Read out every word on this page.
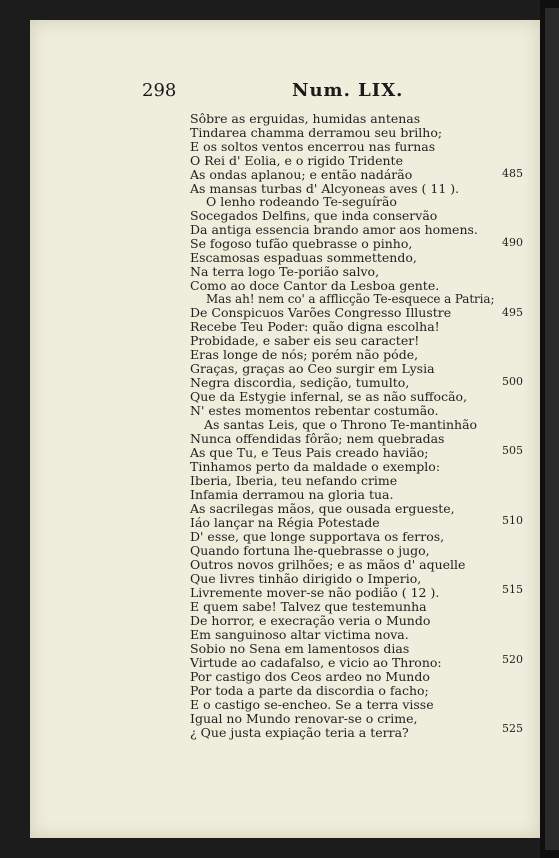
298	Num. LIX.
Sôbre as erguidas, humidas antenas
Tindarea chamma derramou seu brilho;
E os soltos ventos encerrou nas furnas
O Rei d' Eolia, e o rigido Tridente
As ondas aplanou; e então nadárão
As mansas turbas d' Alcyoneas aves ( 11 ).
O lenho rodeando Te-seguírão
Socegados Delfins, que inda conservão
Da antiga essencia brando amor aos homens.
Se fogoso tufão quebrasse o pinho,
Escamosas espaduas sommettendo,
Na terra logo Te-porião salvo,
Como ao doce Cantor da Lesboa gente.
Mas ah! nem co' a afflicção Te-esquece a Patria;
De Conspicuos Varões Congresso Illustre
Recebe Teu Poder: quão digna escolha!
Probidade, e saber eis seu caracter!
Eras longe de nós; porém não póde,
Graças, graças ao Ceo surgir em Lysia
Negra discordia, sedição, tumulto,
Que da Estygie infernal, se as não suffocão,
N' estes momentos rebentar costumão.
As santas Leis, que o Throno Te-mantinhão
Nunca offendidas fôrão; nem quebradas
As que Tu, e Teus Pais creado havião;
Tinhamos perto da maldade o exemplo:
Iberia, Iberia, teu nefando crime
Infamia derramou na gloria tua.
As sacrilegas mãos, que ousada ergueste,
Iáo lançar na Régia Potestade
D' esse, que longe supportava os ferros,
Quando fortuna lhe-quebrasse o jugo,
Outros novos grilhões; e as mãos d' aquelle
Que livres tinhão dirigido o Imperio,
Livremente mover-se não podião ( 12 ).
E quem sabe! Talvez que testemunha
De horror, e execração veria o Mundo
Em sanguinoso altar victima nova.
Sobio no Sena em lamentosos dias
Virtude ao cadafalso, e vicio ao Throno:
Por castigo dos Ceos ardeo no Mundo
Por toda a parte da discordia o facho;
E o castigo se-encheo. Se a terra visse
Igual no Mundo renovar-se o crime,
¿ Que justa expiação teria a terra?
485
490
495
500
505
510
515
520
525
